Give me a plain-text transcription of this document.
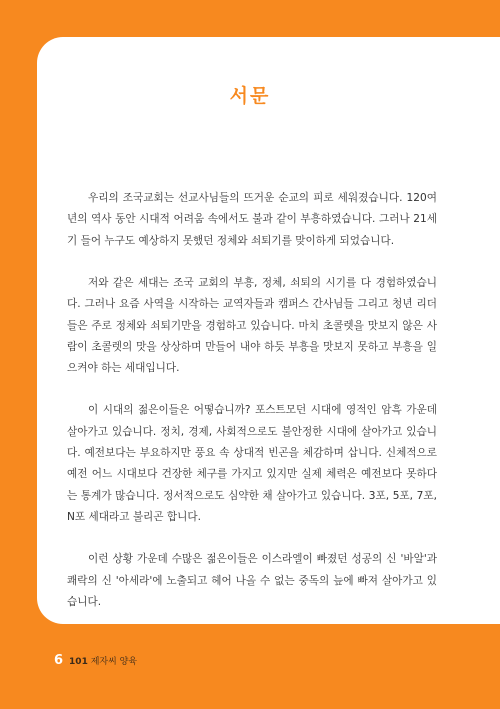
서문

우리의 조국교회는 선교사님들의 뜨거운 순교의 피로 세워졌습니다. 120여 년의 역사 동안 시대적 어려움 속에서도 불과 같이 부흥하였습니다. 그러나 21세기 들어 누구도 예상하지 못했던 정체와 쇠퇴기를 맞이하게 되었습니다.

저와 같은 세대는 조국 교회의 부흥, 정체, 쇠퇴의 시기를 다 경험하였습니다. 그러나 요즘 사역을 시작하는 교역자들과 캠퍼스 간사님들 그리고 청년 리더들은 주로 정체와 쇠퇴기만을 경험하고 있습니다. 마치 초콜렛을 맛보지 않은 사람이 초콜렛의 맛을 상상하며 만들어 내야 하듯 부흥을 맛보지 못하고 부흥을 일으켜야 하는 세대입니다.

이 시대의 젊은이들은 어떻습니까? 포스트모던 시대에 영적인 암흑 가운데 살아가고 있습니다. 정치, 경제, 사회적으로도 불안정한 시대에 살아가고 있습니다. 예전보다는 부요하지만 풍요 속 상대적 빈곤을 체감하며 삽니다. 신체적으로 예전 어느 시대보다 건장한 체구를 가지고 있지만 실제 체력은 예전보다 못하다는 통계가 많습니다. 정서적으로도 심약한 채 살아가고 있습니다. 3포, 5포, 7포, N포 세대라고 불리곤 합니다.

이런 상황 가운데 수많은 젊은이들은 이스라엘이 빠졌던 성공의 신 '바알'과 쾌락의 신 '아세라'에 노출되고 헤어 나올 수 없는 중독의 늪에 빠져 살아가고 있습니다.

6 101 제자씨 양육
